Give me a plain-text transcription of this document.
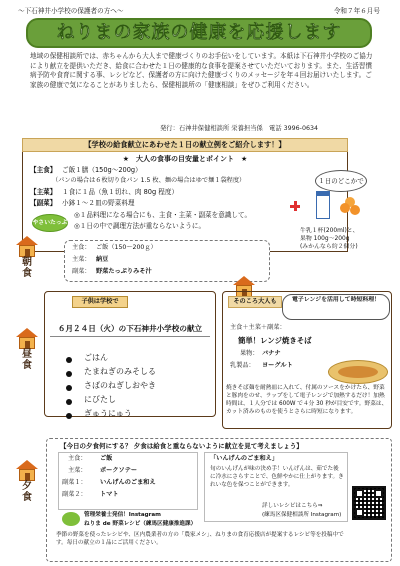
～下石神井小学校の保護者の方へ～	令和７年６月号
ねりまの家族の健康を応援します

地域の保健相談所では、赤ちゃんから大人まで健康づくりのお手伝いをしています。本紙は下石神井小学校のご協力により献立を提供いただき、給食に合わせた１日の健康的な食事を提案させていただいております。また、生活習慣病予防や食育に関する事、レシピなど、保護者の方に向けた健康づくりのメッセージを年４回お届けいたします。ご家族の健康で気になることがありましたら、保健相談所の「健康相談」をぜひご利用ください。

発行：石神井保健相談所 栄養担当係　電話 3996-0634
【学校の給食献立にあわせた１日の献立例をご紹介します！】
★　大人の食事の目安量とポイント　★
【主食】 ご飯１膳（150g〜200g）
（パンの場合は６枚切り食パン 1.5 枚、麺の場合はゆで麺１袋程度）
【主菜】 １食に１品（魚１切れ、肉 80g 程度）
【副菜】 小鉢１～２皿の野菜料理
やさいたっぷり
◎１品料理になる場合にも、主食・主菜・副菜を意識して。
◎１日の中で調理方法が重ならないように。
１日のどこかで
牛乳１杯(200ml)と、
果物 100g〜200g
(みかんなら約２個分)
朝食
主食： ご飯（150〜200ｇ）
主菜： 納豆
副菜： 野菜たっぷりみそ汁
昼食
子供は学校で
６月２４日（火）の下石神井小学校の献立
ごはん
たまねぎのみそしる
さばのねぎしおやき
にびたし
ぎゅうにゅう
そのころ大人も	電子レンジを活用して時短料理！
主食＋主菜＋副菜：
簡単！レンジ焼きそば
果物： バナナ
乳製品： ヨーグルト
焼きそば麺を耐熱皿に入れて、付属のソースをかけたら、野菜と豚肉をのせ、ラップをして電子レンジで加熱するだけ！加熱時間は、１人分では 600W で４分 30 秒が目安です。野菜は、カット済みのものを使うとさらに時短になります。
夕食
【今日の夕食何にする？ 夕食は給食と重ならないように献立を見て考えましょう】
主食： ご飯
主菜： ポークソテー
副菜１： いんげんのごま和え
副菜２： トマト
「いんげんのごま和え」
旬のいんげんが味の決め手！いんげんは、茹でた後に冷水にさらすことで、色鮮やかに仕上がります。きれいな色を保つことができます。
詳しいレシピはこちら⇒
(練馬区保健相談所 Instagram)
管理栄養士発信！Instagram
ねりま de 野菜レシピ（練馬区健康推進課）
季節の野菜を使ったレシピや、区内農業者の方の「農家メシ」、ねりまの食育応援店が提案するレシピ等を投稿中です。毎日の献立の１品にご活用ください。
